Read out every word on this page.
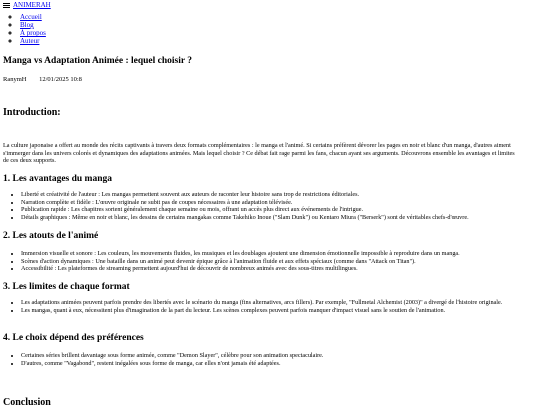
ANIMERAH
◦ Accueil
◦ Blog
◦ À propos
◦ Auteur
Manga vs Adaptation Animée : lequel choisir ?
RanymH 12/01/2025 10:8
Introduction:

La culture japonaise a offert au monde des récits captivants à travers deux formats complémentaires : le manga et l'animé. Si certains préfèrent dévorer les pages en noir et blanc d'un manga, d'autres aiment s'immerger dans les univers colorés et dynamiques des adaptations animées. Mais lequel choisir ? Ce débat fait rage parmi les fans, chacun ayant ses arguments. Découvrons ensemble les avantages et limites de ces deux supports.

1. Les avantages du manga
• Liberté et créativité de l'auteur : Les mangas permettent souvent aux auteurs de raconter leur histoire sans trop de restrictions éditoriales.
• Narration complète et fidèle : L'œuvre originale ne subit pas de coupes nécessaires à une adaptation télévisée.
• Publication rapide : Les chapitres sortent généralement chaque semaine ou mois, offrant un accès plus direct aux événements de l'intrigue.
• Détails graphiques : Même en noir et blanc, les dessins de certains mangakas comme Takehiko Inoue ("Slam Dunk") ou Kentaro Miura ("Berserk") sont de véritables chefs-d'œuvre.
2. Les atouts de l'animé
• Immersion visuelle et sonore : Les couleurs, les mouvements fluides, les musiques et les doublages ajoutent une dimension émotionnelle impossible à reproduire dans un manga.
• Scènes d'action dynamiques : Une bataille dans un animé peut devenir épique grâce à l'animation fluide et aux effets spéciaux (comme dans "Attack on Titan").
• Accessibilité : Les plateformes de streaming permettent aujourd'hui de découvrir de nombreux animés avec des sous-titres multilingues.
3. Les limites de chaque format
• Les adaptations animées peuvent parfois prendre des libertés avec le scénario du manga (fins alternatives, arcs fillers). Par exemple, "Fullmetal Alchemist (2003)" a divergé de l'histoire originale.
• Les mangas, quant à eux, nécessitent plus d'imagination de la part du lecteur. Les scènes complexes peuvent parfois manquer d'impact visuel sans le soutien de l'animation.
4. Le choix dépend des préférences
• Certaines séries brillent davantage sous forme animée, comme "Demon Slayer", célèbre pour son animation spectaculaire.
• D'autres, comme "Vagabond", restent inégalées sous forme de manga, car elles n'ont jamais été adaptées.
Conclusion
